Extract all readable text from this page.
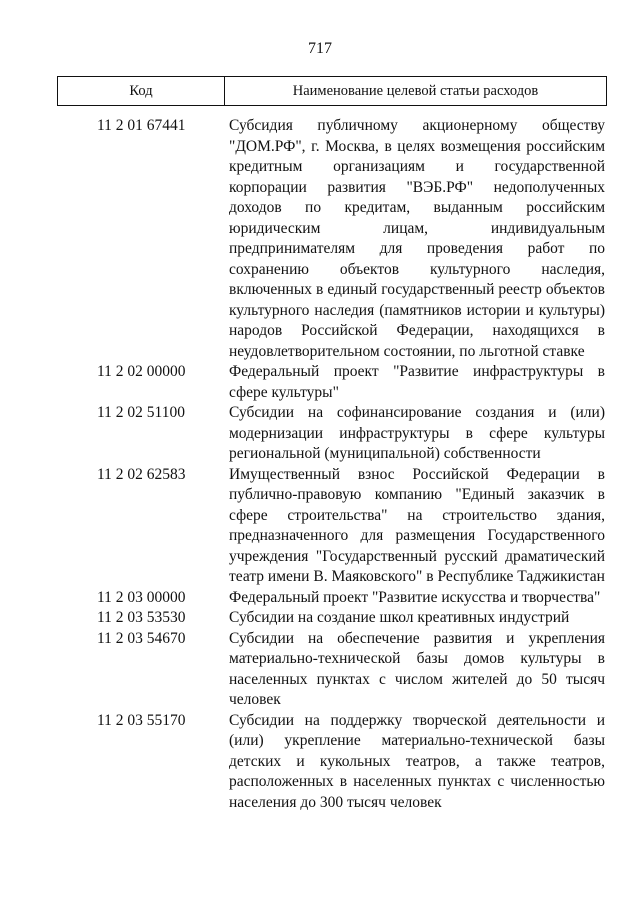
717
Код	Наименование целевой статьи расходов
11 2 01 67441	Субсидия публичному акционерному обществу "ДОМ.РФ", г. Москва, в целях возмещения российским кредитным организациям и государственной корпорации развития "ВЭБ.РФ" недополученных доходов по кредитам, выданным российским юридическим лицам, индивидуальным предпринимателям для проведения работ по сохранению объектов культурного наследия, включенных в единый государственный реестр объектов культурного наследия (памятников истории и культуры) народов Российской Федерации, находящихся в неудовлетворительном состоянии, по льготной ставке
11 2 02 00000	Федеральный проект "Развитие инфраструктуры в сфере культуры"
11 2 02 51100	Субсидии на софинансирование создания и (или) модернизации инфраструктуры в сфере культуры региональной (муниципальной) собственности
11 2 02 62583	Имущественный взнос Российской Федерации в публично-правовую компанию "Единый заказчик в сфере строительства" на строительство здания, предназначенного для размещения Государственного учреждения "Государственный русский драматический театр имени В. Маяковского" в Республике Таджикистан
11 2 03 00000	Федеральный проект "Развитие искусства и творчества"
11 2 03 53530	Субсидии на создание школ креативных индустрий
11 2 03 54670	Субсидии на обеспечение развития и укрепления материально-технической базы домов культуры в населенных пунктах с числом жителей до 50 тысяч человек
11 2 03 55170	Субсидии на поддержку творческой деятельности и (или) укрепление материально-технической базы детских и кукольных театров, а также театров, расположенных в населенных пунктах с численностью населения до 300 тысяч человек
